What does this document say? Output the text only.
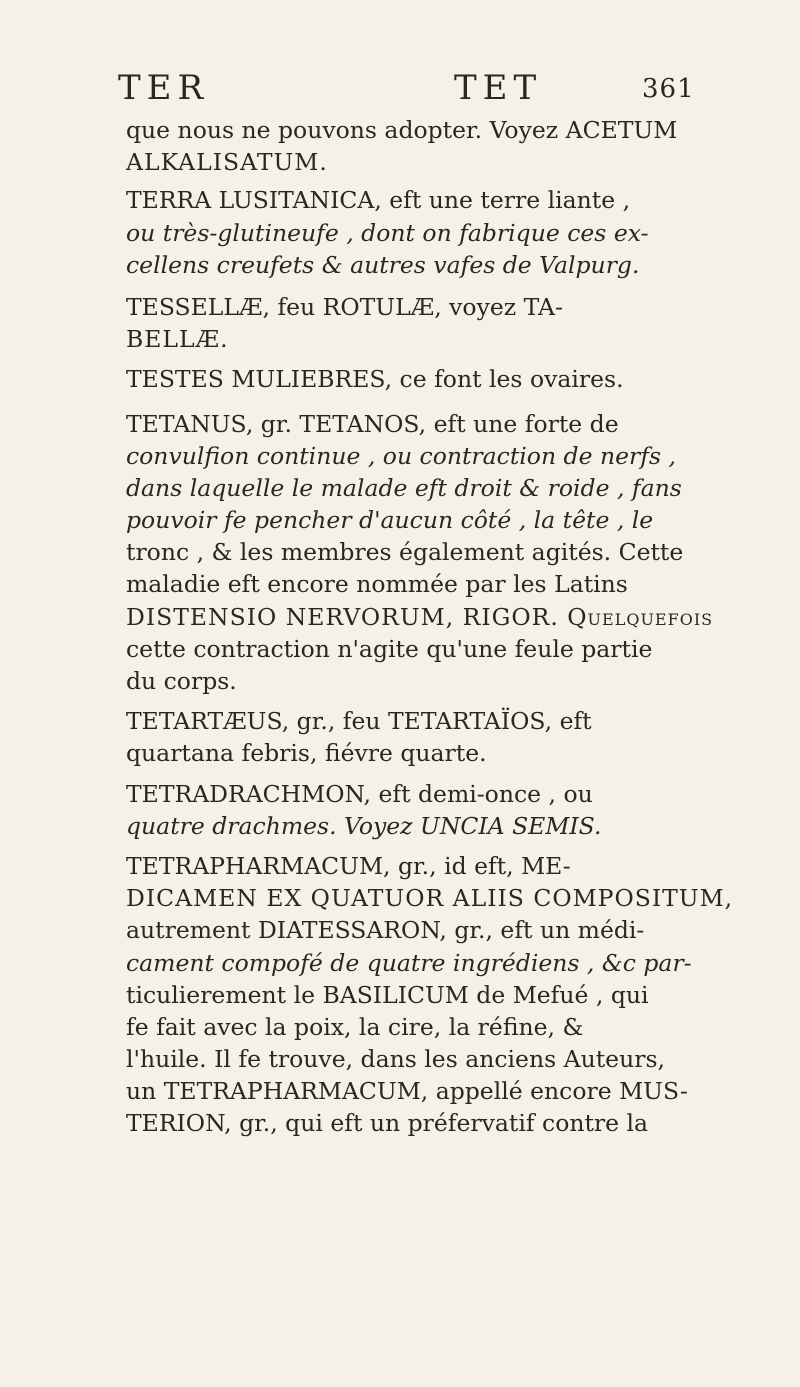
TER	TET	361
que nous ne pouvons adopter. Voyez ACETUM
ALKALISATUM.
TERRA LUSITANICA, eft une terre liante ,
ou très-glutineufe , dont on fabrique ces ex-
cellens creufets & autres vafes de Valpurg.
TESSELLÆ, feu ROTULÆ, voyez TA-
BELLÆ.
TESTES MULIEBRES, ce font les ovaires.
TETANUS, gr. TETANOS, eft une forte de
convulfion continue , ou contraction de nerfs ,
dans laquelle le malade eft droit & roide , fans
pouvoir fe pencher d'aucun côté , la tête , le
tronc , & les membres également agités. Cette
maladie eft encore nommée par les Latins
DISTENSIO NERVORUM, RIGOR. Quelquefois
cette contraction n'agite qu'une feule partie
du corps.
TETARTÆUS, gr., feu TETARTAÏOS, eft
quartana febris, fiévre quarte.
TETRADRACHMON, eft demi-once , ou
quatre drachmes. Voyez UNCIA SEMIS.
TETRAPHARMACUM, gr., id eft, ME-
DICAMEN EX QUATUOR ALIIS COMPOSITUM,
autrement DIATESSARON, gr., eft un médi-
cament compofé de quatre ingrédiens , &c par-
ticulierement le BASILICUM de Mefué , qui
fe fait avec la poix, la cire, la réfine, &
l'huile. Il fe trouve, dans les anciens Auteurs,
un TETRAPHARMACUM, appellé encore MUS-
TERION, gr., qui eft un préfervatif contre la
